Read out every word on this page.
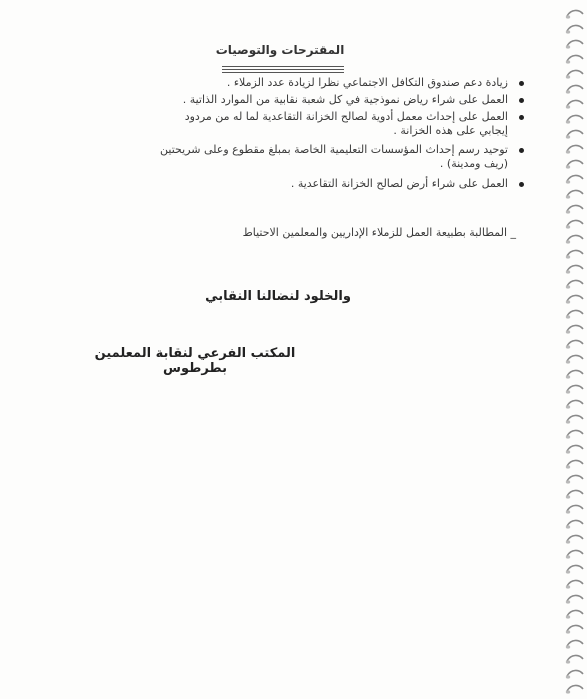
المقترحات والتوصيات
زيادة دعم صندوق التكافل الاجتماعي نظرا لزيادة عدد الزملاء .
العمل على شراء رياض نموذجية في كل شعبة نقابية من الموارد الذاتية .
العمل على إحداث معمل أدوية لصالح الخزانة التقاعدية لما له من مردود إيجابي على هذه الخزانة .
توحيد رسم إحداث المؤسسات التعليمية الخاصة بمبلغ مقطوع وعلى شريحتين (ريف ومدينة) .
العمل على شراء أرض لصالح الخزانة التقاعدية .
_ المطالبة بطبيعة العمل للزملاء الإداريين والمعلمين الاحتياط
والخلود لنضالنا النقابي
المكتب الفرعي لنقابة المعلمين بطرطوس
